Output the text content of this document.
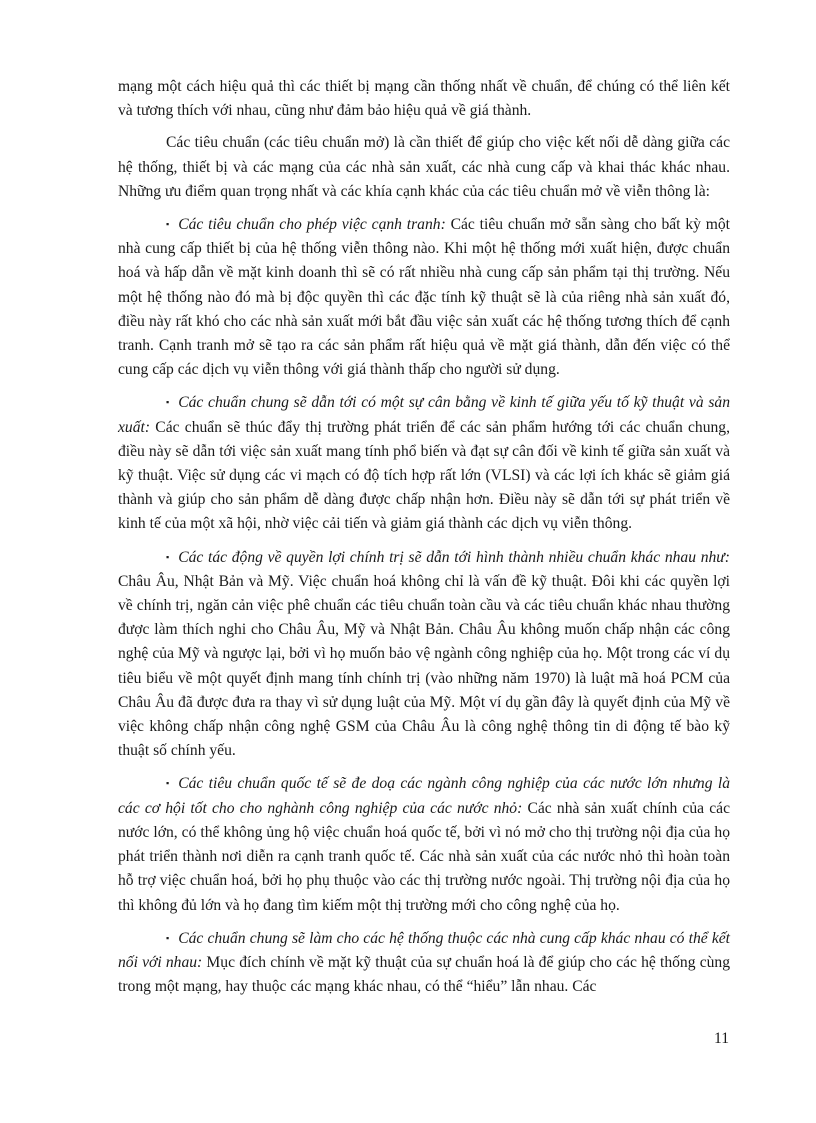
mạng một cách hiệu quả thì các thiết bị mạng cần thống nhất về chuẩn, để chúng có thể liên kết và tương thích với nhau, cũng như đảm bảo hiệu quả về giá thành.

Các tiêu chuẩn (các tiêu chuẩn mở) là cần thiết để giúp cho việc kết nối dễ dàng giữa các hệ thống, thiết bị và các mạng của các nhà sản xuất, các nhà cung cấp và khai thác khác nhau. Những ưu điểm quan trọng nhất và các khía cạnh khác của các tiêu chuẩn mở về viễn thông là:

▪ Các tiêu chuẩn cho phép việc cạnh tranh: Các tiêu chuẩn mở sẵn sàng cho bất kỳ một nhà cung cấp thiết bị của hệ thống viễn thông nào. Khi một hệ thống mới xuất hiện, được chuẩn hoá và hấp dẫn về mặt kinh doanh thì sẽ có rất nhiều nhà cung cấp sản phẩm tại thị trường. Nếu một hệ thống nào đó mà bị độc quyền thì các đặc tính kỹ thuật sẽ là của riêng nhà sản xuất đó, điều này rất khó cho các nhà sản xuất mới bắt đầu việc sản xuất các hệ thống tương thích để cạnh tranh. Cạnh tranh mở sẽ tạo ra các sản phẩm rất hiệu quả về mặt giá thành, dẫn đến việc có thể cung cấp các dịch vụ viễn thông với giá thành thấp cho người sử dụng.

▪ Các chuẩn chung sẽ dẫn tới có một sự cân bằng về kinh tế giữa yếu tố kỹ thuật và sản xuất: Các chuẩn sẽ thúc đẩy thị trường phát triển để các sản phẩm hướng tới các chuẩn chung, điều này sẽ dẫn tới việc sản xuất mang tính phổ biến và đạt sự cân đối về kinh tế giữa sản xuất và kỹ thuật. Việc sử dụng các vi mạch có độ tích hợp rất lớn (VLSI) và các lợi ích khác sẽ giảm giá thành và giúp cho sản phẩm dễ dàng được chấp nhận hơn. Điều này sẽ dẫn tới sự phát triển về kinh tế của một xã hội, nhờ việc cải tiến và giảm giá thành các dịch vụ viễn thông.

▪ Các tác động về quyền lợi chính trị sẽ dẫn tới hình thành nhiều chuẩn khác nhau như: Châu Âu, Nhật Bản và Mỹ. Việc chuẩn hoá không chỉ là vấn đề kỹ thuật. Đôi khi các quyền lợi về chính trị, ngăn cản việc phê chuẩn các tiêu chuẩn toàn cầu và các tiêu chuẩn khác nhau thường được làm thích nghi cho Châu Âu, Mỹ và Nhật Bản. Châu Âu không muốn chấp nhận các công nghệ của Mỹ và ngược lại, bởi vì họ muốn bảo vệ ngành công nghiệp của họ. Một trong các ví dụ tiêu biểu về một quyết định mang tính chính trị (vào những năm 1970) là luật mã hoá PCM của Châu Âu đã được đưa ra thay vì sử dụng luật của Mỹ. Một ví dụ gần đây là quyết định của Mỹ về việc không chấp nhận công nghệ GSM của Châu Âu là công nghệ thông tin di động tế bào kỹ thuật số chính yếu.

▪ Các tiêu chuẩn quốc tế sẽ đe doạ các ngành công nghiệp của các nước lớn nhưng là các cơ hội tốt cho cho nghành công nghiệp của các nước nhỏ: Các nhà sản xuất chính của các nước lớn, có thể không ủng hộ việc chuẩn hoá quốc tế, bởi vì nó mở cho thị trường nội địa của họ phát triển thành nơi diễn ra cạnh tranh quốc tế. Các nhà sản xuất của các nước nhỏ thì hoàn toàn hỗ trợ việc chuẩn hoá, bởi họ phụ thuộc vào các thị trường nước ngoài. Thị trường nội địa của họ thì không đủ lớn và họ đang tìm kiếm một thị trường mới cho công nghệ của họ.

▪ Các chuẩn chung sẽ làm cho các hệ thống thuộc các nhà cung cấp khác nhau có thể kết nối với nhau: Mục đích chính về mặt kỹ thuật của sự chuẩn hoá là để giúp cho các hệ thống cùng trong một mạng, hay thuộc các mạng khác nhau, có thể “hiểu” lẫn nhau. Các

11
